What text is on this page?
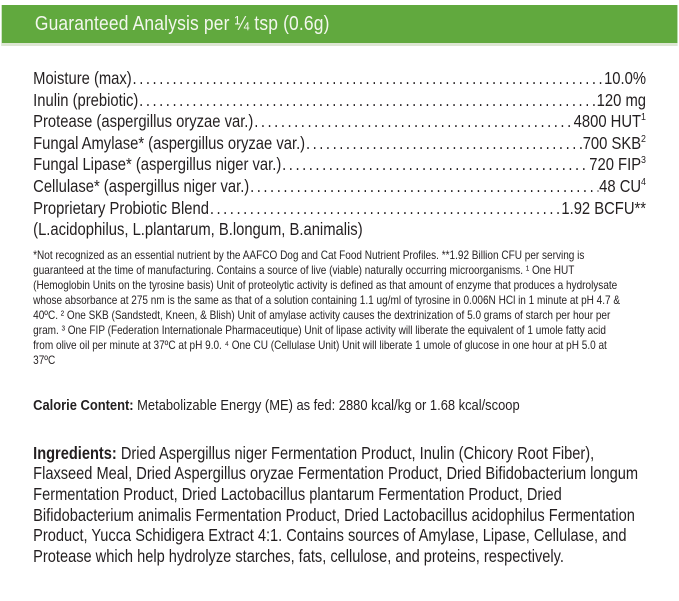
Guaranteed Analysis per ¼ tsp (0.6g)
Moisture (max) .....	10.0%
Inulin (prebiotic) .....	120 mg
Protease (aspergillus oryzae var.) .....	4800 HUT$^1$
Fungal Amylase* (aspergillus oryzae var.) .....	700 SKB$^2$
Fungal Lipase* (aspergillus niger var.) .....	720 FIP$^3$
Cellulase* (aspergillus niger var.) .....	48 $CU^4$
Proprietary Probiotic Blend .....	1.92 BCFU**
(L.acidophilus, L.plantarum, B.longum, B.animalis)

*Not recognized as an essential nutrient by the AAFCO Dog and Cat Food Nutrient Profiles. **1.92 Billion CFU per serving is guaranteed at the time of manufacturing. Contains a source of live (viable) naturally occurring microorganisms. ¹ One HUT (Hemoglobin Units on the tyrosine basis) Unit of proteolytic activity is defined as that amount of enzyme that produces a hydrolysate whose absorbance at 275 nm is the same as that of a solution containing 1.1 ug/ml of tyrosine in 0.006N HCl in 1 minute at pH 4.7 & 40ºC. ² One SKB (Sandstedt, Kneen, & Blish) Unit of amylase activity causes the dextrinization of 5.0 grams of starch per hour per gram. ³ One FIP (Federation Internationale Pharmaceutique) Unit of lipase activity will liberate the equivalent of 1 umole fatty acid from olive oil per minute at 37ºC at pH 9.0. ⁴ One CU (Cellulase Unit) Unit will liberate 1 umole of glucose in one hour at pH 5.0 at 37ºC

Calorie Content: Metabolizable Energy (ME) as fed: 2880 kcal/kg or 1.68 kcal/scoop

Ingredients: Dried Aspergillus niger Fermentation Product, Inulin (Chicory Root Fiber), Flaxseed Meal, Dried Aspergillus oryzae Fermentation Product, Dried Bifidobacterium longum Fermentation Product, Dried Lactobacillus plantarum Fermentation Product, Dried Bifidobacterium animalis Fermentation Product, Dried Lactobacillus acidophilus Fermentation Product, Yucca Schidigera Extract 4:1. Contains sources of Amylase, Lipase, Cellulase, and Protease which help hydrolyze starches, fats, cellulose, and proteins, respectively.
